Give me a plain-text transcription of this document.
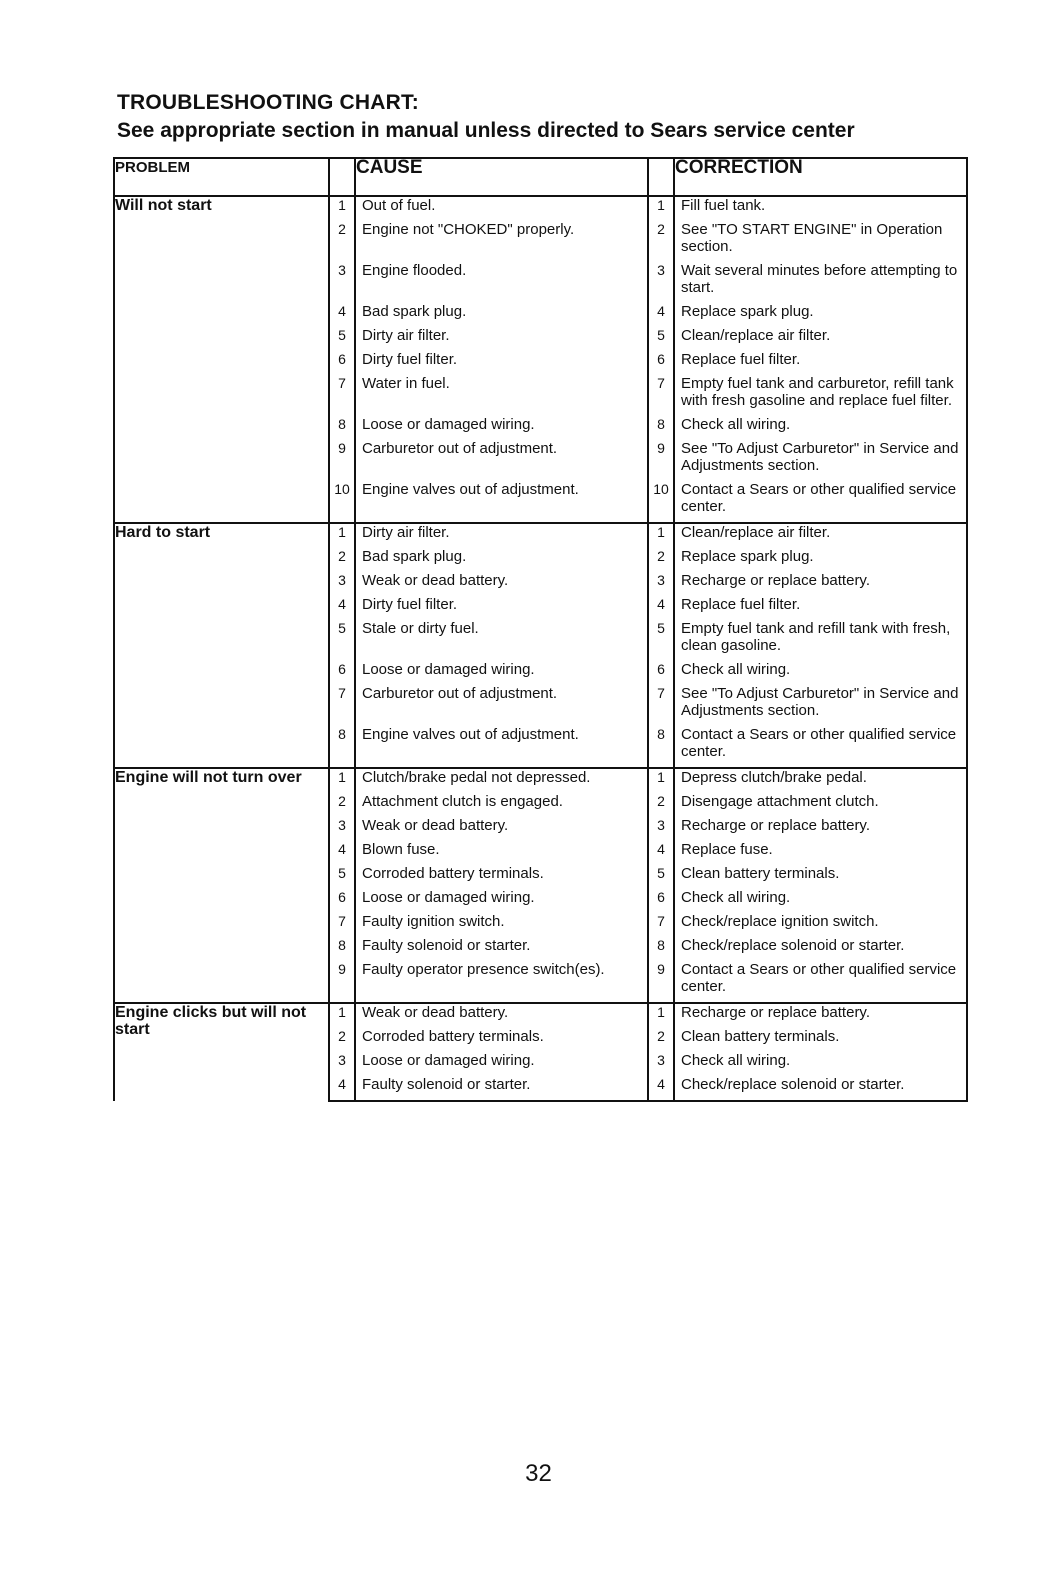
TROUBLESHOOTING CHART:
See appropriate section in manual unless directed to Sears service center
PROBLEM		CAUSE		CORRECTION

Will not start	1	Out of fuel.	1	Fill fuel tank.
	2	Engine not "CHOKED" properly.	2	See "TO START ENGINE" in Operation section.
	3	Engine flooded.	3	Wait several minutes before attempting to start.
	4	Bad spark plug.	4	Replace spark plug.
	5	Dirty air filter.	5	Clean/replace air filter.
	6	Dirty fuel filter.	6	Replace fuel filter.
	7	Water in fuel.	7	Empty fuel tank and carburetor, refill tank with fresh gasoline and replace fuel filter.
	8	Loose or damaged wiring.	8	Check all wiring.
	9	Carburetor out of adjustment.	9	See "To Adjust Carburetor" in Service and Adjustments section.
	10	Engine valves out of adjustment.	10	Contact a Sears or other qualified service center.

Hard to start	1	Dirty air filter.	1	Clean/replace air filter.
	2	Bad spark plug.	2	Replace spark plug.
	3	Weak or dead battery.	3	Recharge or replace battery.
	4	Dirty fuel filter.	4	Replace fuel filter.
	5	Stale or dirty fuel.	5	Empty fuel tank and refill tank with fresh, clean gasoline.
	6	Loose or damaged wiring.	6	Check all wiring.
	7	Carburetor out of adjustment.	7	See "To Adjust Carburetor" in Service and Adjustments section.
	8	Engine valves out of adjustment.	8	Contact a Sears or other qualified service center.

Engine will not turn over	1	Clutch/brake pedal not depressed.	1	Depress clutch/brake pedal.
	2	Attachment clutch is engaged.	2	Disengage attachment clutch.
	3	Weak or dead battery.	3	Recharge or replace battery.
	4	Blown fuse.	4	Replace fuse.
	5	Corroded battery terminals.	5	Clean battery terminals.
	6	Loose or damaged wiring.	6	Check all wiring.
	7	Faulty ignition switch.	7	Check/replace ignition switch.
	8	Faulty solenoid or starter.	8	Check/replace solenoid or starter.
	9	Faulty operator presence switch(es).	9	Contact a Sears or other qualified service center.

Engine clicks but will not start	1	Weak or dead battery.	1	Recharge or replace battery.
	2	Corroded battery terminals.	2	Clean battery terminals.
	3	Loose or damaged wiring.	3	Check all wiring.
	4	Faulty solenoid or starter.	4	Check/replace solenoid or starter.
32
